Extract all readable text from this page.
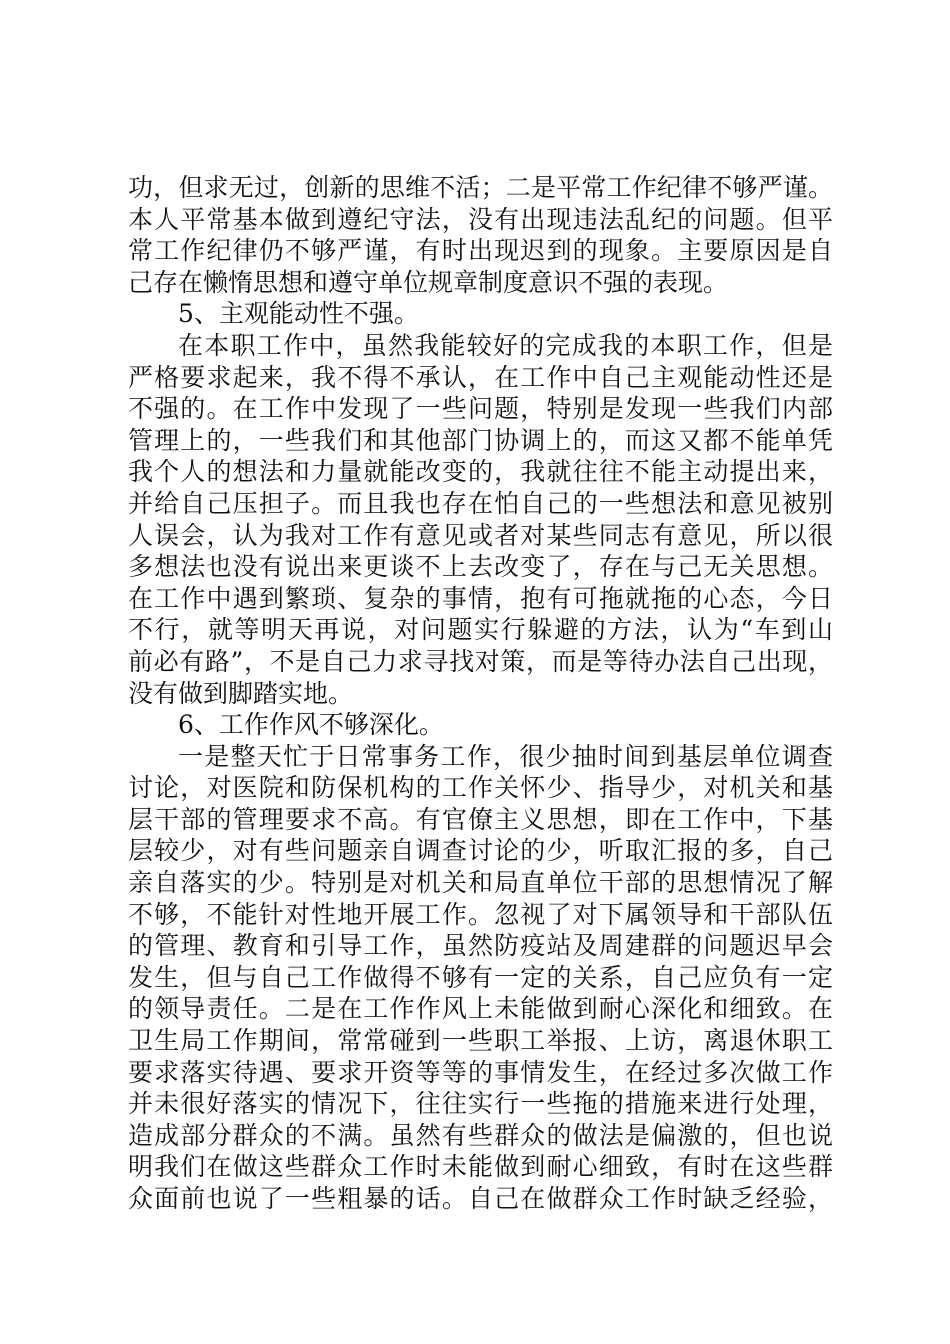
功，但求无过，创新的思维不活；二是平常工作纪律不够严谨。
本人平常基本做到遵纪守法，没有出现违法乱纪的问题。但平
常工作纪律仍不够严谨，有时出现迟到的现象。主要原因是自
己存在懒惰思想和遵守单位规章制度意识不强的表现。
5、主观能动性不强。
在本职工作中，虽然我能较好的完成我的本职工作，但是
严格要求起来，我不得不承认，在工作中自己主观能动性还是
不强的。在工作中发现了一些问题，特别是发现一些我们内部
管理上的，一些我们和其他部门协调上的，而这又都不能单凭
我个人的想法和力量就能改变的，我就往往不能主动提出来，
并给自己压担子。而且我也存在怕自己的一些想法和意见被别
人误会，认为我对工作有意见或者对某些同志有意见，所以很
多想法也没有说出来更谈不上去改变了，存在与己无关思想。
在工作中遇到繁琐、复杂的事情，抱有可拖就拖的心态，今日
不行，就等明天再说，对问题实行躲避的方法，认为“车到山
前必有路”，不是自己力求寻找对策，而是等待办法自己出现，
没有做到脚踏实地。
6、工作作风不够深化。
一是整天忙于日常事务工作，很少抽时间到基层单位调查
讨论，对医院和防保机构的工作关怀少、指导少，对机关和基
层干部的管理要求不高。有官僚主义思想，即在工作中，下基
层较少，对有些问题亲自调查讨论的少，听取汇报的多，自己
亲自落实的少。特别是对机关和局直单位干部的思想情况了解
不够，不能针对性地开展工作。忽视了对下属领导和干部队伍
的管理、教育和引导工作，虽然防疫站及周建群的问题迟早会
发生，但与自己工作做得不够有一定的关系，自己应负有一定
的领导责任。二是在工作作风上未能做到耐心深化和细致。在
卫生局工作期间，常常碰到一些职工举报、上访，离退休职工
要求落实待遇、要求开资等等的事情发生，在经过多次做工作
并未很好落实的情况下，往往实行一些拖的措施来进行处理，
造成部分群众的不满。虽然有些群众的做法是偏激的，但也说
明我们在做这些群众工作时未能做到耐心细致，有时在这些群
众面前也说了一些粗暴的话。自己在做群众工作时缺乏经验，
